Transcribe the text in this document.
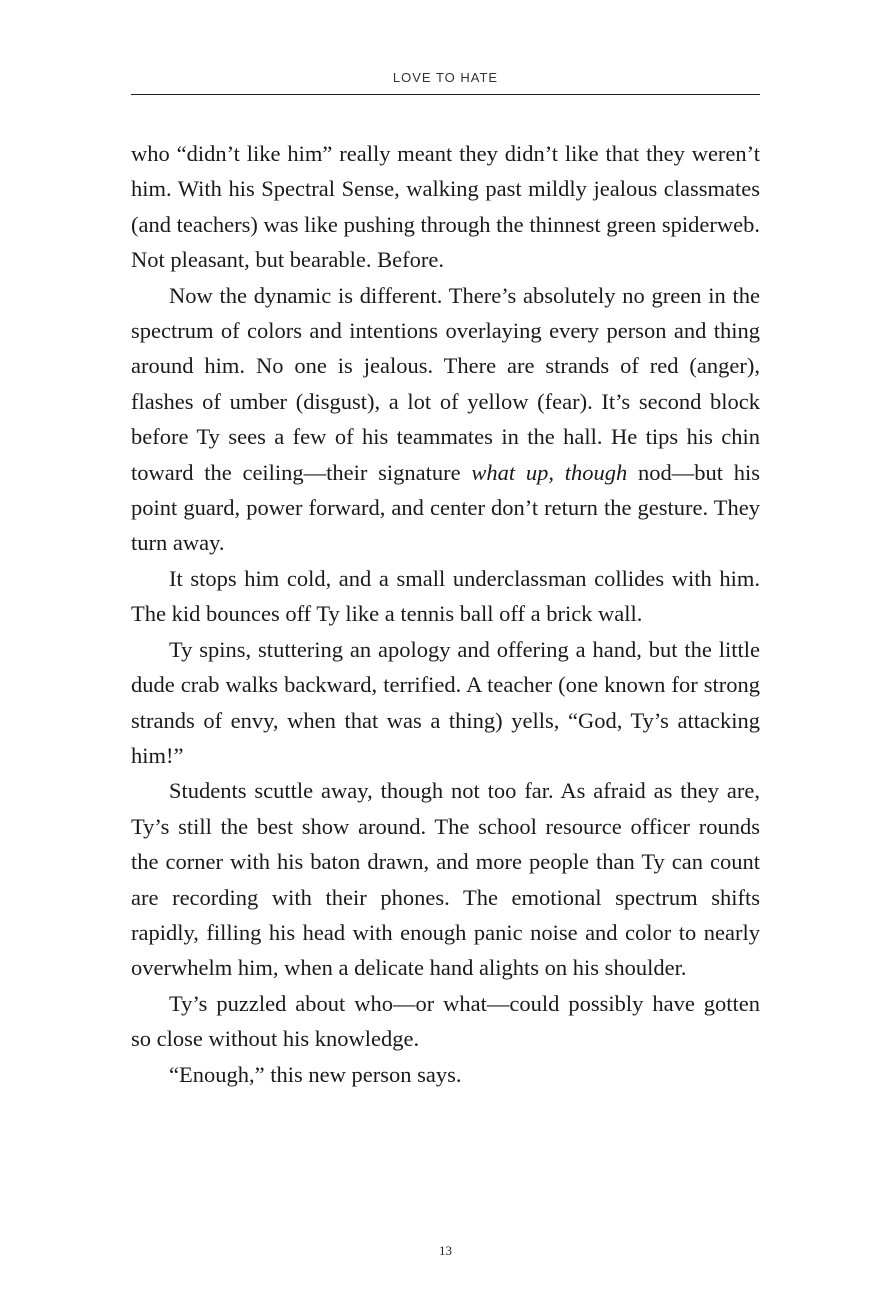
LOVE TO HATE

who “didn’t like him” really meant they didn’t like that they weren’t him. With his Spectral Sense, walking past mildly jealous classmates (and teachers) was like pushing through the thinnest green spiderweb. Not pleasant, but bearable. Before.

Now the dynamic is different. There’s absolutely no green in the spectrum of colors and intentions overlaying every person and thing around him. No one is jealous. There are strands of red (anger), flashes of umber (disgust), a lot of yellow (fear). It’s second block before Ty sees a few of his teammates in the hall. He tips his chin toward the ceiling—their signature what up, though nod—but his point guard, power forward, and center don’t return the gesture. They turn away.

It stops him cold, and a small underclassman collides with him. The kid bounces off Ty like a tennis ball off a brick wall.

Ty spins, stuttering an apology and offering a hand, but the little dude crab walks backward, terrified. A teacher (one known for strong strands of envy, when that was a thing) yells, “God, Ty’s attacking him!”

Students scuttle away, though not too far. As afraid as they are, Ty’s still the best show around. The school resource officer rounds the corner with his baton drawn, and more people than Ty can count are recording with their phones. The emotional spectrum shifts rapidly, filling his head with enough panic noise and color to nearly overwhelm him, when a delicate hand alights on his shoulder.

Ty’s puzzled about who—or what—could possibly have gotten so close without his knowledge.

“Enough,” this new person says.

13
